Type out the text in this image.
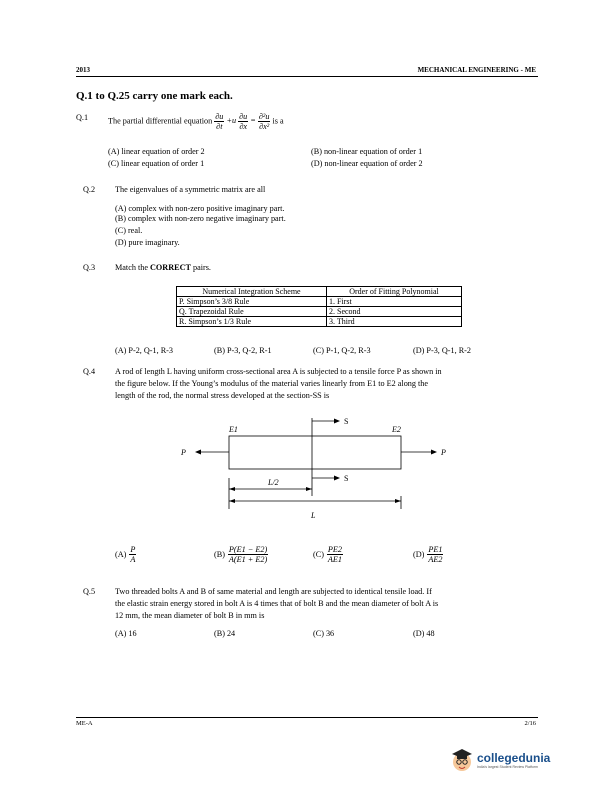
2013	MECHANICAL ENGINEERING - ME
Q.1 to Q.25 carry one mark each.
Q.1 The partial differential equation $\frac{\partial u}{\partial t} +u \frac{\partial u}{\partial x} = \frac{\text{∂²u}}{\text{∂x²}}$ is a
(A) linear equation of order 2	(B) non-linear equation of order 1
(C) linear equation of order 1	(D) non-linear equation of order 2
Q.2 The eigenvalues of a symmetric matrix are all
(A) complex with non-zero positive imaginary part.
(B) complex with non-zero negative imaginary part.
(C) real.
(D) pure imaginary.
Q.3 Match the CORRECT pairs.
Numerical Integration Scheme	Order of Fitting Polynomial
P. Simpson’s 3/8 Rule	1. First
Q. Trapezoidal Rule	2. Second
R. Simpson’s 1/3 Rule	3. Third
(A) P-2, Q-1, R-3	(B) P-3, Q-2, R-1	(C) P-1, Q-2, R-3	(D) P-3, Q-1, R-2
Q.4 A rod of length L having uniform cross-sectional area A is subjected to a tensile force P as shown in
the figure below. If the Young’s modulus of the material varies linearly from E1 to E2 along the
length of the rod, the normal stress developed at the section-SS is
S
S
E1	E2
P	P
L/2
L
$(A) \frac{P}{A}$	$(B) \frac{P(E1 - E2)}{A(E1 + E2)}$	$(C) \frac{PE2}{AE1}$	$(D) \frac{PE1}{AE2}$
Q.5 Two threaded bolts A and B of same material and length are subjected to identical tensile load. If
the elastic strain energy stored in bolt A is 4 times that of bolt B and the mean diameter of bolt A is
12 mm, the mean diameter of bolt B in mm is
(A) 16	(B) 24	(C) 36	(D) 48
ME-A	2/16
collegedunia
India's largest Student Review Platform
